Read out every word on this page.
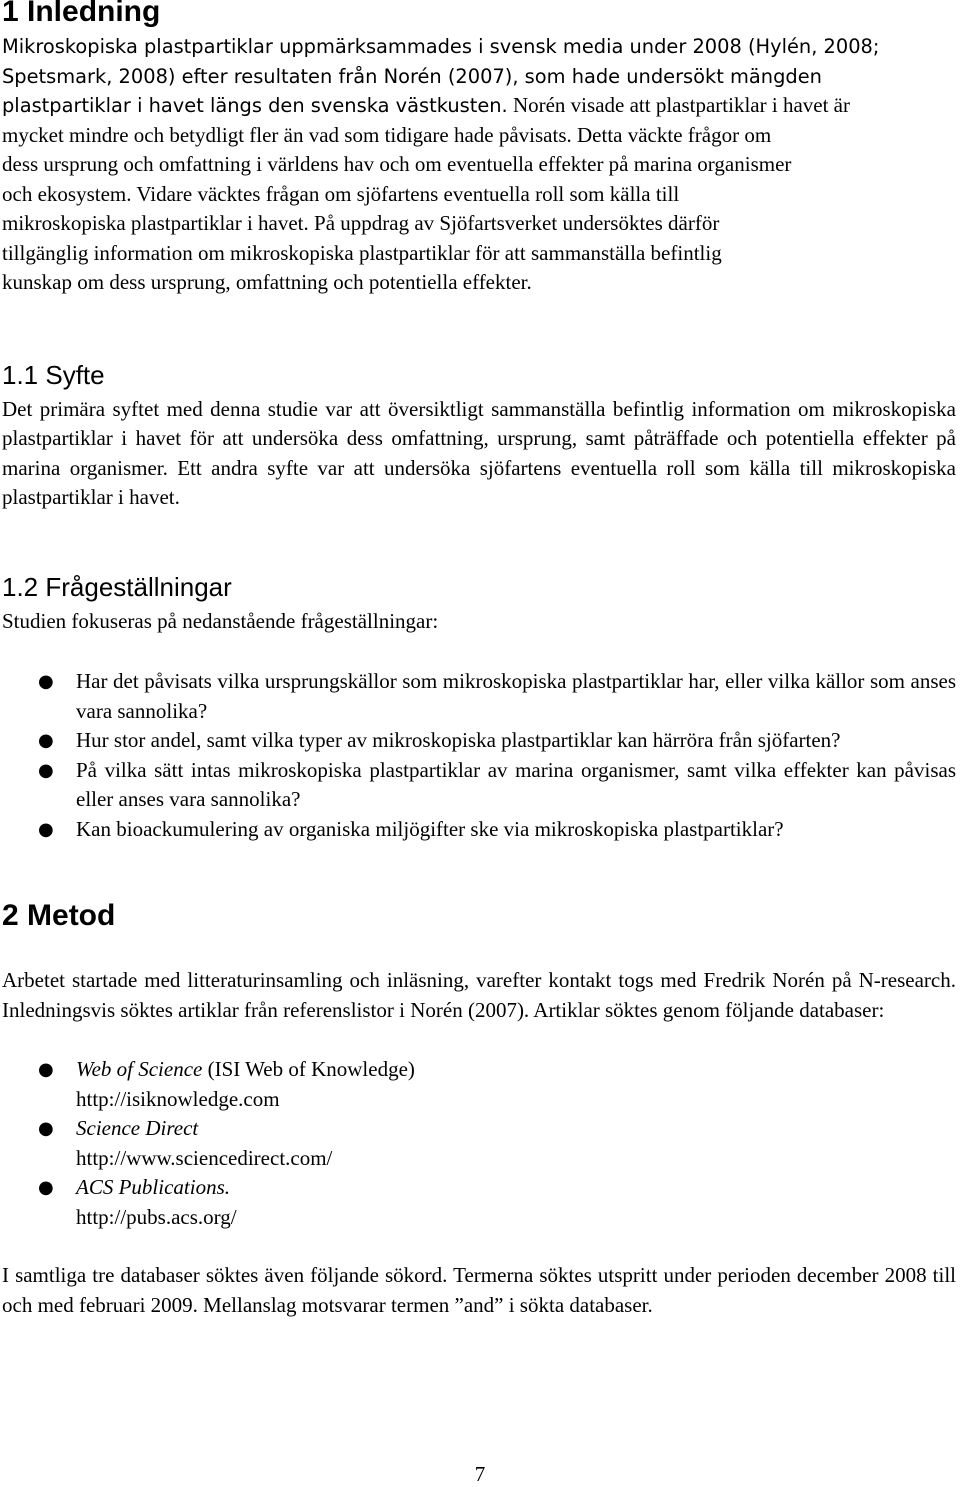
1 Inledning

Mikroskopiska plastpartiklar uppmärksammades i svensk media under 2008 (Hylén, 2008;
Spetsmark, 2008) efter resultaten från Norén (2007), som hade undersökt mängden
plastpartiklar i havet längs den svenska västkusten. Norén visade att plastpartiklar i havet är
mycket mindre och betydligt fler än vad som tidigare hade påvisats. Detta väckte frågor om
dess ursprung och omfattning i världens hav och om eventuella effekter på marina organismer
och ekosystem. Vidare väcktes frågan om sjöfartens eventuella roll som källa till
mikroskopiska plastpartiklar i havet. På uppdrag av Sjöfartsverket undersöktes därför
tillgänglig information om mikroskopiska plastpartiklar för att sammanställa befintlig
kunskap om dess ursprung, omfattning och potentiella effekter.

1.1 Syfte

Det primära syftet med denna studie var att översiktligt sammanställa befintlig information om mikroskopiska plastpartiklar i havet för att undersöka dess omfattning, ursprung, samt påträffade och potentiella effekter på marina organismer. Ett andra syfte var att undersöka sjöfartens eventuella roll som källa till mikroskopiska plastpartiklar i havet.

1.2 Frågeställningar

Studien fokuseras på nedanstående frågeställningar:

● Har det påvisats vilka ursprungskällor som mikroskopiska plastpartiklar har, eller vilka källor som anses vara sannolika?
● Hur stor andel, samt vilka typer av mikroskopiska plastpartiklar kan härröra från sjöfarten?
● På vilka sätt intas mikroskopiska plastpartiklar av marina organismer, samt vilka effekter kan påvisas eller anses vara sannolika?
● Kan bioackumulering av organiska miljögifter ske via mikroskopiska plastpartiklar?
2 Metod

Arbetet startade med litteraturinsamling och inläsning, varefter kontakt togs med Fredrik Norén på N-research. Inledningsvis söktes artiklar från referenslistor i Norén (2007). Artiklar söktes genom följande databaser:

● Web of Science (ISI Web of Knowledge)
http://isiknowledge.com
● Science Direct
http://www.sciencedirect.com/
● ACS Publications.
http://pubs.acs.org/

I samtliga tre databaser söktes även följande sökord. Termerna söktes utspritt under perioden december 2008 till och med februari 2009. Mellanslag motsvarar termen ”and” i sökta databaser.

7
